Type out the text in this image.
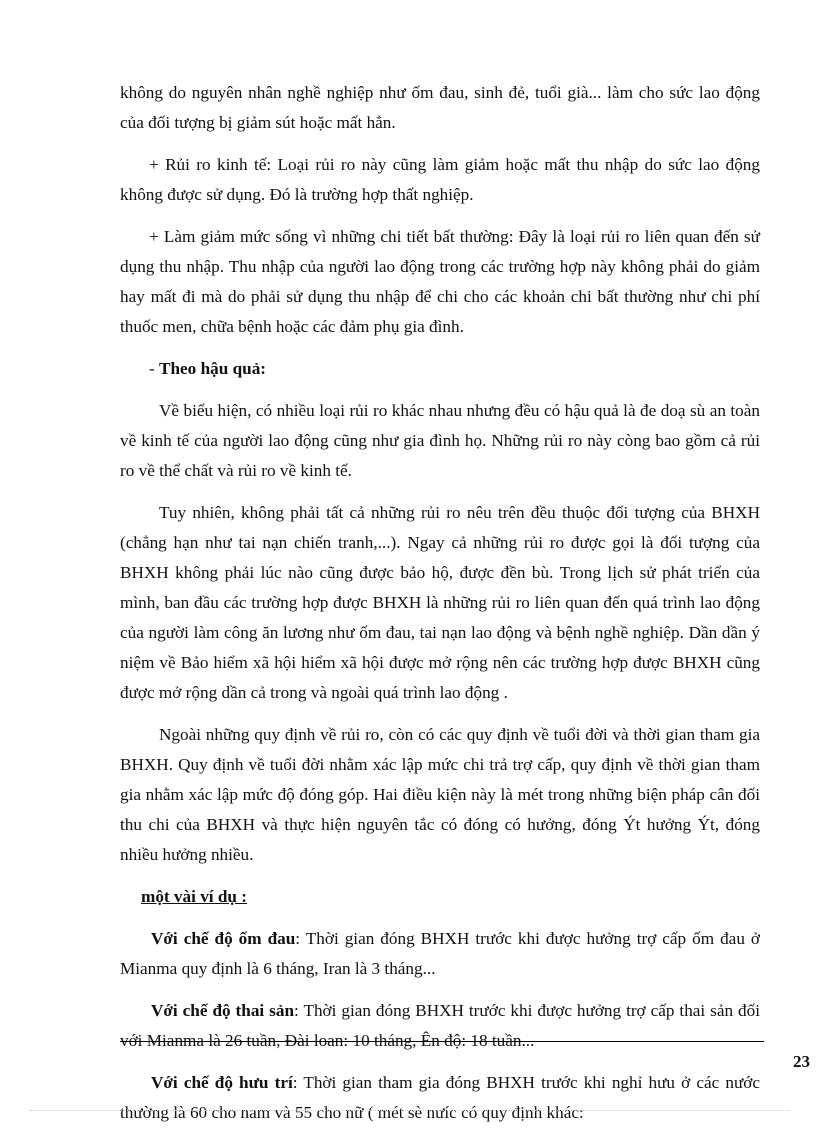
không do nguyên nhân nghề nghiệp như ốm đau, sinh đẻ, tuổi già... làm cho sức lao động của đối tượng bị giảm sút hoặc mất hẳn.

+ Rủi ro kinh tế: Loại rủi ro này cũng làm giảm hoặc mất thu nhập do sức lao động không được sử dụng. Đó là trường hợp thất nghiệp.

+ Làm giảm mức sống vì những chi tiết bất thường: Đây là loại rủi ro liên quan đến sử dụng thu nhập. Thu nhập của người lao động trong các trường hợp này không phải do giảm hay mất đi mà do phải sử dụng thu nhập để chi cho các khoản chi bất thường như chi phí thuốc men, chữa bệnh hoặc các đảm phụ gia đình.

- Theo hậu quả:

Về biểu hiện, có nhiều loại rủi ro khác nhau nhưng đều có hậu quả là đe doạ sù an toàn về kinh tế của người lao động cũng như gia đình họ. Những rủi ro này còng bao gồm cả rủi ro về thể chất và rủi ro về kinh tế.

Tuy nhiên, không phải tất cả những rủi ro nêu trên đều thuộc đối tượng của BHXH (chẳng hạn như tai nạn chiến tranh,...). Ngay cả những rủi ro được gọi là đối tượng của BHXH không phải lúc nào cũng được bảo hộ, được đền bù. Trong lịch sử phát triển của mình, ban đầu các trường hợp được BHXH là những rủi ro liên quan đến quá trình lao động của người làm công ăn lương như ốm đau, tai nạn lao động và bệnh nghề nghiệp. Dần dần ý niệm về Bảo hiểm xã hội hiểm xã hội được mở rộng nên các trường hợp được BHXH cũng được mở rộng dần cả trong và ngoài quá trình lao động .

Ngoài những quy định về rủi ro, còn có các quy định về tuổi đời và thời gian tham gia BHXH. Quy định về tuổi đời nhằm xác lập mức chi trả trợ cấp, quy định về thời gian tham gia nhằm xác lập mức độ đóng góp. Hai điều kiện này là mét trong những biện pháp cân đối thu chi của BHXH và thực hiện nguyên tắc có đóng có hưởng, đóng Ýt hưởng Ýt, đóng nhiều hưởng nhiều.

một vài ví dụ :

Với chế độ ốm đau: Thời gian đóng BHXH trước khi được hưởng trợ cấp ốm đau ở Mianma quy định là 6 tháng, Iran là 3 tháng...

Với chế độ thai sản: Thời gian đóng BHXH trước khi được hưởng trợ cấp thai sản đối với Mianma là 26 tuần, Đài loan: 10 tháng, Ên độ: 18 tuần...

Với chế độ hưu trí: Thời gian tham gia đóng BHXH trước khi nghỉ hưu ở các nước thường là 60 cho nam và 55 cho nữ ( mét sè nưíc có quy định khác:

23
